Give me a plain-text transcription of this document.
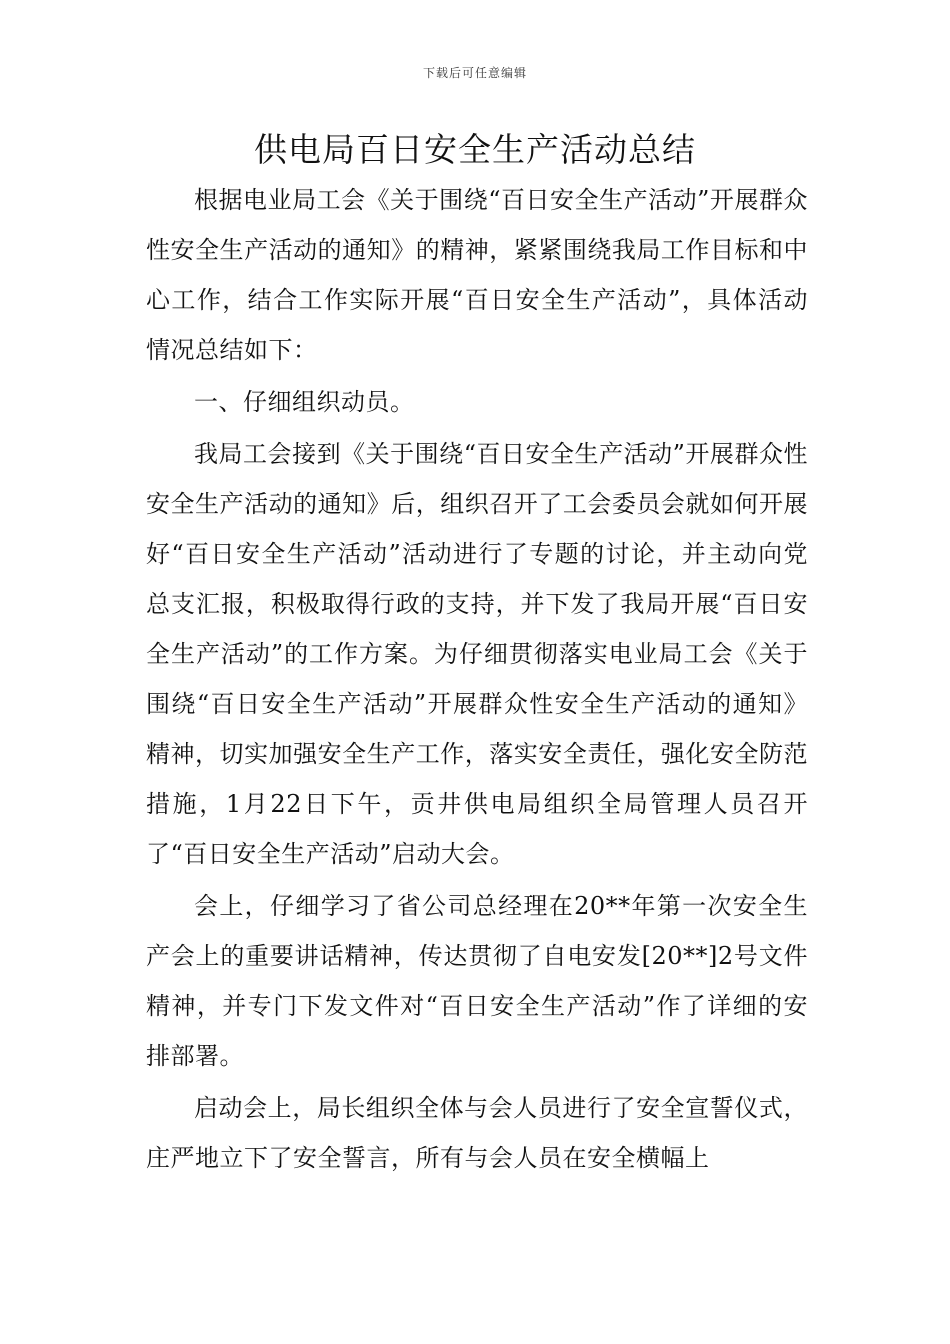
下载后可任意编辑
供电局百日安全生产活动总结

根据电业局工会《关于围绕“百日安全生产活动”开展群众性安全生产活动的通知》的精神，紧紧围绕我局工作目标和中心工作，结合工作实际开展“百日安全生产活动”，具体活动情况总结如下：

一、仔细组织动员。

我局工会接到《关于围绕“百日安全生产活动”开展群众性安全生产活动的通知》后，组织召开了工会委员会就如何开展好“百日安全生产活动”活动进行了专题的讨论，并主动向党总支汇报，积极取得行政的支持，并下发了我局开展“百日安全生产活动”的工作方案。为仔细贯彻落实电业局工会《关于围绕“百日安全生产活动”开展群众性安全生产活动的通知》精神，切实加强安全生产工作，落实安全责任，强化安全防范措施，1月22日下午，贡井供电局组织全局管理人员召开了“百日安全生产活动”启动大会。

会上，仔细学习了省公司总经理在20**年第一次安全生产会上的重要讲话精神，传达贯彻了自电安发[20**]2号文件精神，并专门下发文件对“百日安全生产活动”作了详细的安排部署。

启动会上，局长组织全体与会人员进行了安全宣誓仪式，庄严地立下了安全誓言，所有与会人员在安全横幅上
